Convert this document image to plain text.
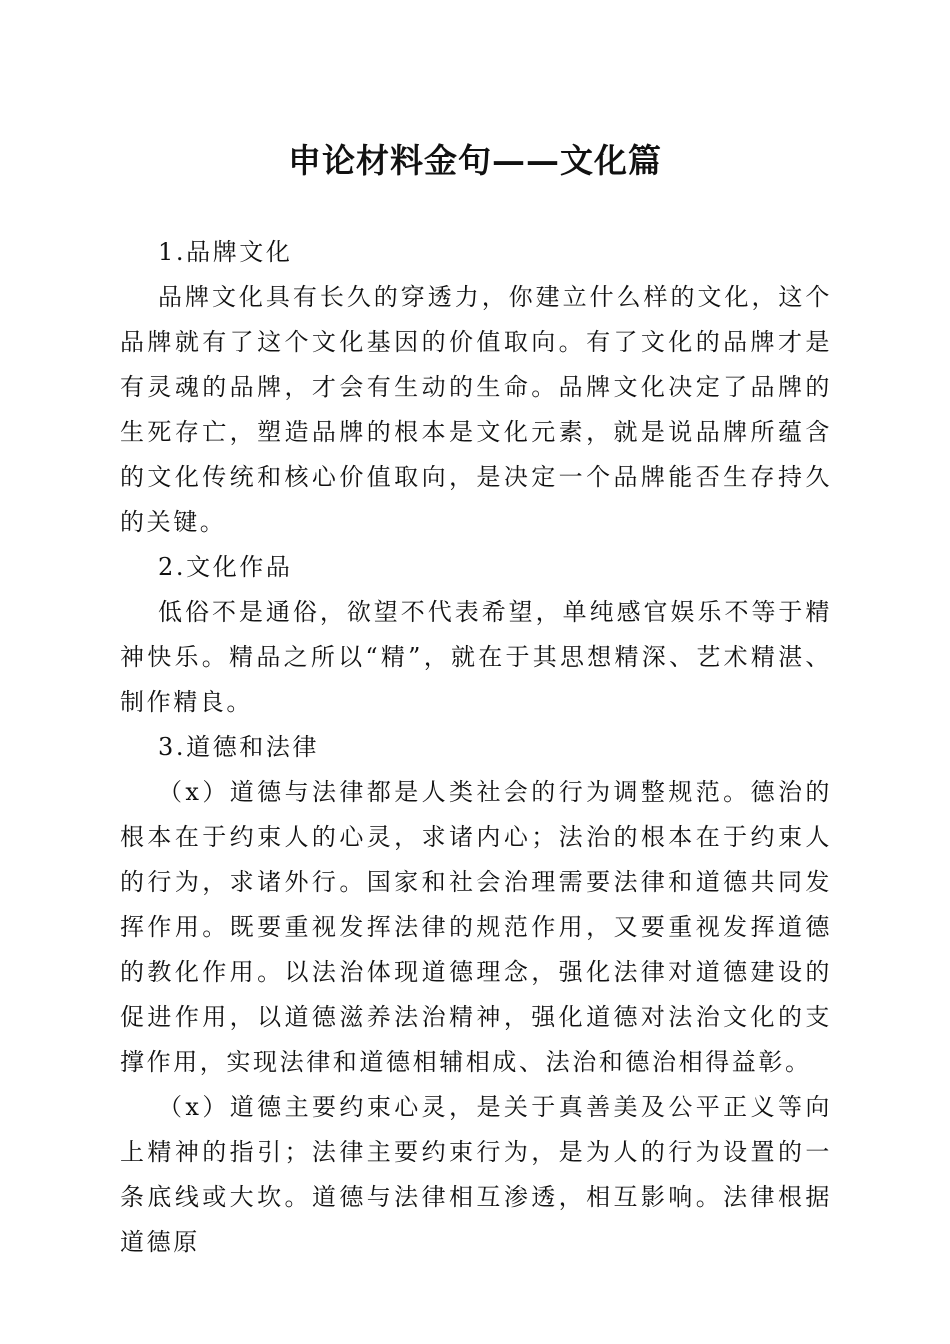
申论材料金句——文化篇

1.品牌文化

品牌文化具有长久的穿透力，你建立什么样的文化，这个品牌就有了这个文化基因的价值取向。有了文化的品牌才是有灵魂的品牌，才会有生动的生命。品牌文化决定了品牌的生死存亡，塑造品牌的根本是文化元素，就是说品牌所蕴含的文化传统和核心价值取向，是决定一个品牌能否生存持久的关键。

2.文化作品

低俗不是通俗，欲望不代表希望，单纯感官娱乐不等于精神快乐。精品之所以“精”，就在于其思想精深、艺术精湛、制作精良。

3.道德和法律

（x）道德与法律都是人类社会的行为调整规范。德治的根本在于约束人的心灵，求诸内心；法治的根本在于约束人的行为，求诸外行。国家和社会治理需要法律和道德共同发挥作用。既要重视发挥法律的规范作用，又要重视发挥道德的教化作用。以法治体现道德理念，强化法律对道德建设的促进作用，以道德滋养法治精神，强化道德对法治文化的支撑作用，实现法律和道德相辅相成、法治和德治相得益彰。

（x）道德主要约束心灵，是关于真善美及公平正义等向上精神的指引；法律主要约束行为，是为人的行为设置的一条底线或大坎。道德与法律相互渗透，相互影响。法律根据道德原
